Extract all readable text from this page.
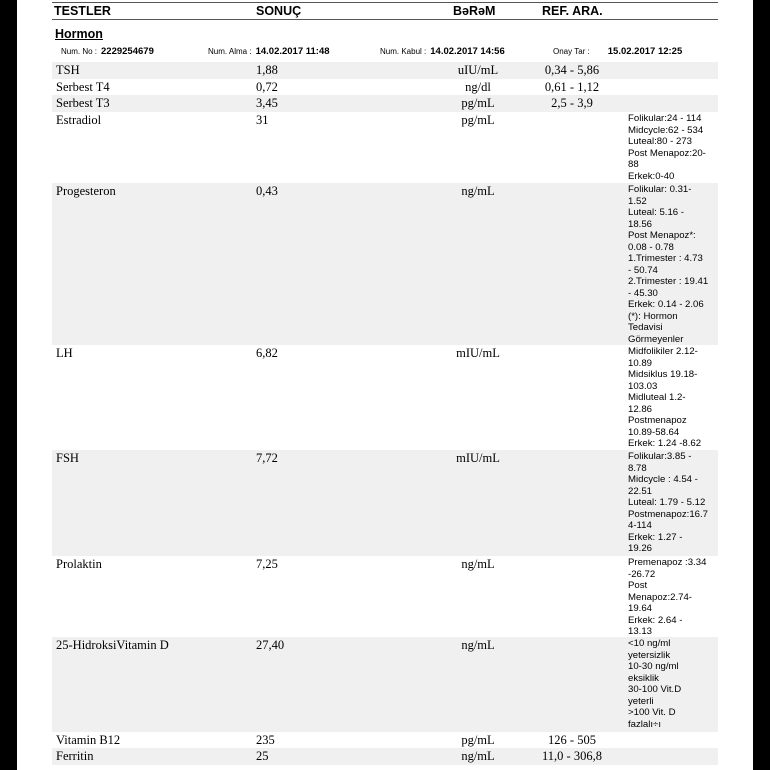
TESTLER	SONUÇ	BəRəM	REF. ARA.
Hormon
Num. No : 2229254679	Num. Alma : 14.02.2017 11:48	Num. Kabul : 14.02.2017 14:56	Onay Tar : 15.02.2017 12:25
TSH	1,88	uIU/mL	0,34 - 5,86
Serbest T4	0,72	ng/dl	0,61 - 1,12
Serbest T3	3,45	pg/mL	2,5 - 3,9
Estradiol	31	pg/mL	Folikular:24 - 114
Midcycle:62 - 534
Luteal:80 - 273
Post Menapoz:20-
88
Erkek:0-40
Progesteron	0,43	ng/mL	Folikular: 0.31-
1.52
Luteal: 5.16 -
18.56
Post Menapoz*:
0.08 - 0.78
1.Trimester : 4.73
- 50.74
2.Trimester : 19.41
- 45.30
Erkek: 0.14 - 2.06
(*): Hormon
Tedavisi
Görmeyenler
LH	6,82	mIU/mL	Midfolikiler 2.12-
10.89
Midsiklus 19.18-
103.03
Midluteal 1.2-
12.86
Postmenapoz
10.89-58.64
Erkek: 1.24 -8.62
FSH	7,72	mIU/mL	Folikular:3.85 -
8.78
Midcycle : 4.54 -
22.51
Luteal: 1.79 - 5.12
Postmenapoz:16.7
4-114
Erkek: 1.27 -
19.26
Prolaktin	7,25	ng/mL	Premenapoz :3.34
-26.72
Post
Menapoz:2.74-
19.64
Erkek: 2.64 -
13.13
25-HidroksiVitamin D	27,40	ng/mL	<10 ng/ml
yetersizlik
10-30 ng/ml
eksiklik
30-100 Vit.D
yeterli
>100 Vit. D
fazlalı÷ı
Vitamin B12	235	pg/mL	126 - 505
Ferritin	25	ng/mL	11,0 - 306,8
